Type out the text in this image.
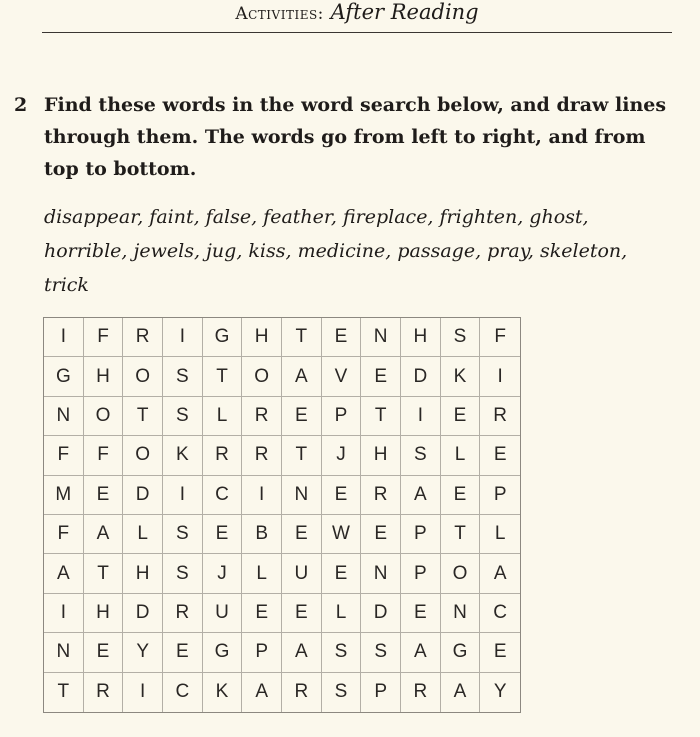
Activities: After Reading
2 Find these words in the word search below, and draw lines through them. The words go from left to right, and from top to bottom.
disappear, faint, false, feather, fireplace, frighten, ghost, horrible, jewels, jug, kiss, medicine, passage, pray, skeleton, trick
I	F	R	I	G	H	T	E	N	H	S	F
G	H	O	S	T	O	A	V	E	D	K	I
N	O	T	S	L	R	E	P	T	I	E	R
F	F	O	K	R	R	T	J	H	S	L	E
M	E	D	I	C	I	N	E	R	A	E	P
F	A	L	S	E	B	E	W	E	P	T	L
A	T	H	S	J	L	U	E	N	P	O	A
I	H	D	R	U	E	E	L	D	E	N	C
N	E	Y	E	G	P	A	S	S	A	G	E
T	R	I	C	K	A	R	S	P	R	A	Y
